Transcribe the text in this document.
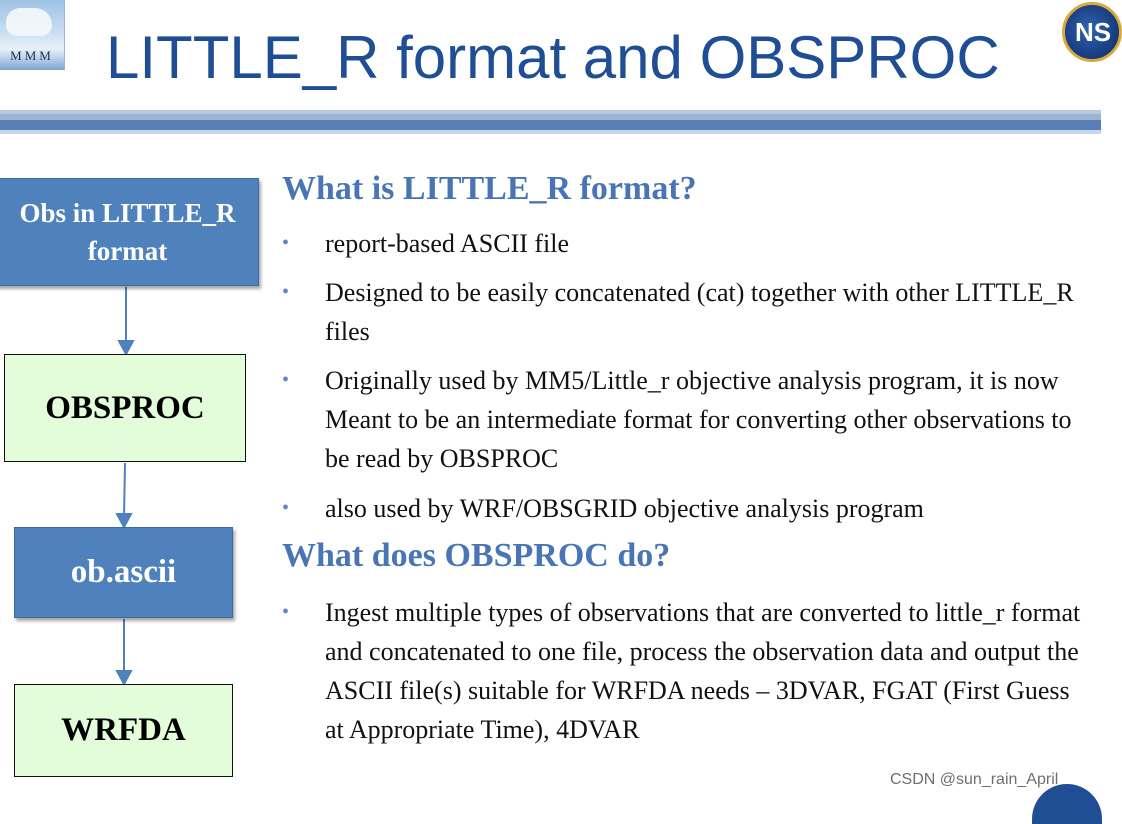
MMM
NS
LITTLE_R format and OBSPROC
Obs in LITTLE_R format
OBSPROC
ob.ascii
WRFDA
What is LITTLE_R format?
• report-based ASCII file
• Designed to be easily concatenated (cat) together with other LITTLE_R files
• Originally used by MM5/Little_r objective analysis program, it is now Meant to be an intermediate format for converting other observations to be read by OBSPROC
• also used by WRF/OBSGRID objective analysis program
What does OBSPROC do?
• Ingest multiple types of observations that are converted to little_r format and concatenated to one file, process the observation data and output the ASCII file(s) suitable for WRFDA needs – 3DVAR, FGAT (First Guess at Appropriate Time), 4DVAR
CSDN @sun_rain_April
